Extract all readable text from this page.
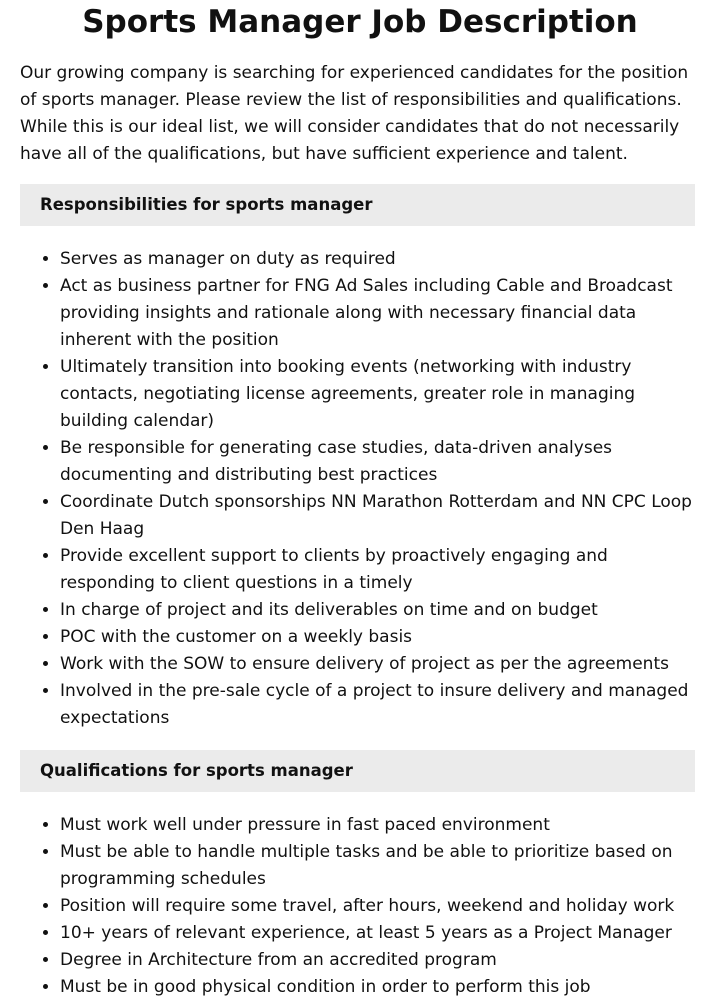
Sports Manager Job Description

Our growing company is searching for experienced candidates for the position of sports manager. Please review the list of responsibilities and qualifications. While this is our ideal list, we will consider candidates that do not necessarily have all of the qualifications, but have sufficient experience and talent.

Responsibilities for sports manager
• Serves as manager on duty as required
• Act as business partner for FNG Ad Sales including Cable and Broadcast providing insights and rationale along with necessary financial data inherent with the position
• Ultimately transition into booking events (networking with industry contacts, negotiating license agreements, greater role in managing building calendar)
• Be responsible for generating case studies, data-driven analyses documenting and distributing best practices
• Coordinate Dutch sponsorships NN Marathon Rotterdam and NN CPC Loop Den Haag
• Provide excellent support to clients by proactively engaging and responding to client questions in a timely
• In charge of project and its deliverables on time and on budget
• POC with the customer on a weekly basis
• Work with the SOW to ensure delivery of project as per the agreements
• Involved in the pre-sale cycle of a project to insure delivery and managed expectations
Qualifications for sports manager
• Must work well under pressure in fast paced environment
• Must be able to handle multiple tasks and be able to prioritize based on programming schedules
• Position will require some travel, after hours, weekend and holiday work
• 10+ years of relevant experience, at least 5 years as a Project Manager
• Degree in Architecture from an accredited program
• Must be in good physical condition in order to perform this job
